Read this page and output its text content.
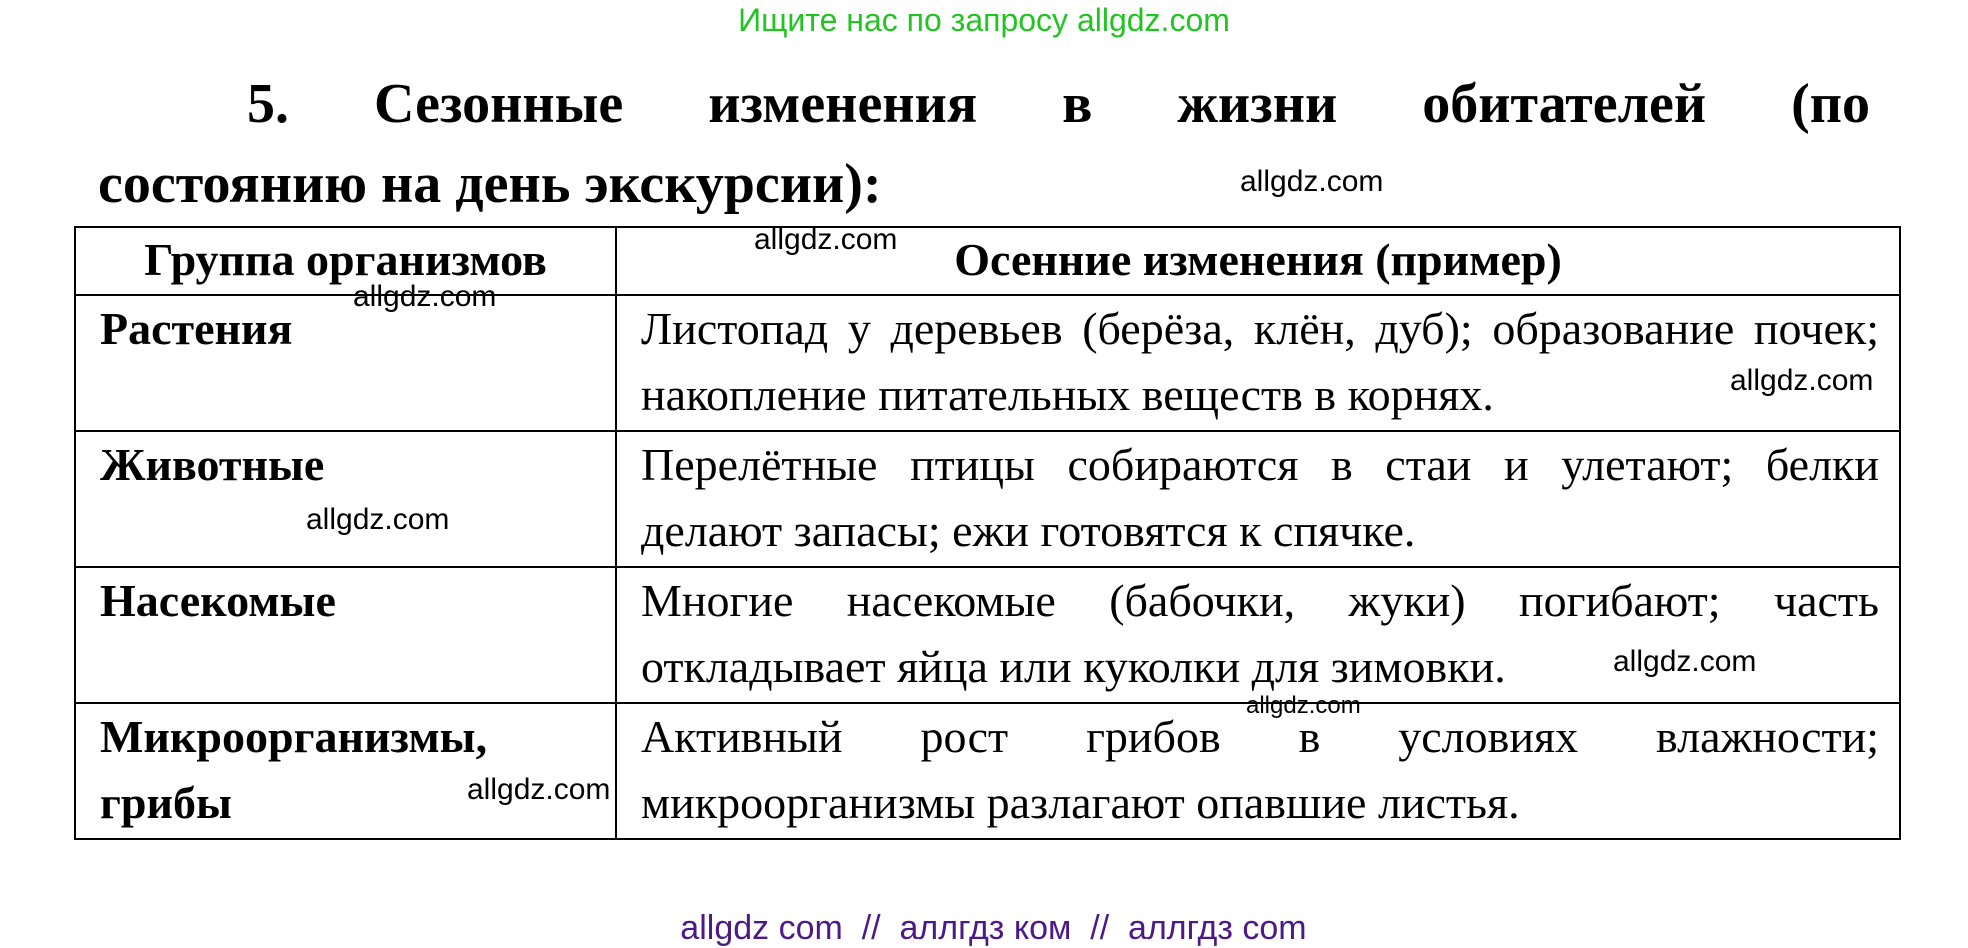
Ищите нас по запросу allgdz.com
5. Сезонные изменения в жизни обитателей (по
состоянию на день экскурсии):
Группа организмов	Осенние изменения (пример)
Растения	Листопад у деревьев (берёза, клён, дуб); образование почек; накопление питательных веществ в корнях.
Животные	Перелётные птицы собираются в стаи и улетают; белки делают запасы; ежи готовятся к спячке.
Насекомые	Многие насекомые (бабочки, жуки) погибают; часть откладывает яйца или куколки для зимовки.
Микроорганизмы, грибы	Активный рост грибов в условиях влажности; микроорганизмы разлагают опавшие листья.
allgdz.com
allgdz.com
allgdz.com
allgdz.com
allgdz.com
allgdz.com
allgdz.com
allgdz.com

allgdz com  //  аллгдз ком  //  аллгдз com
